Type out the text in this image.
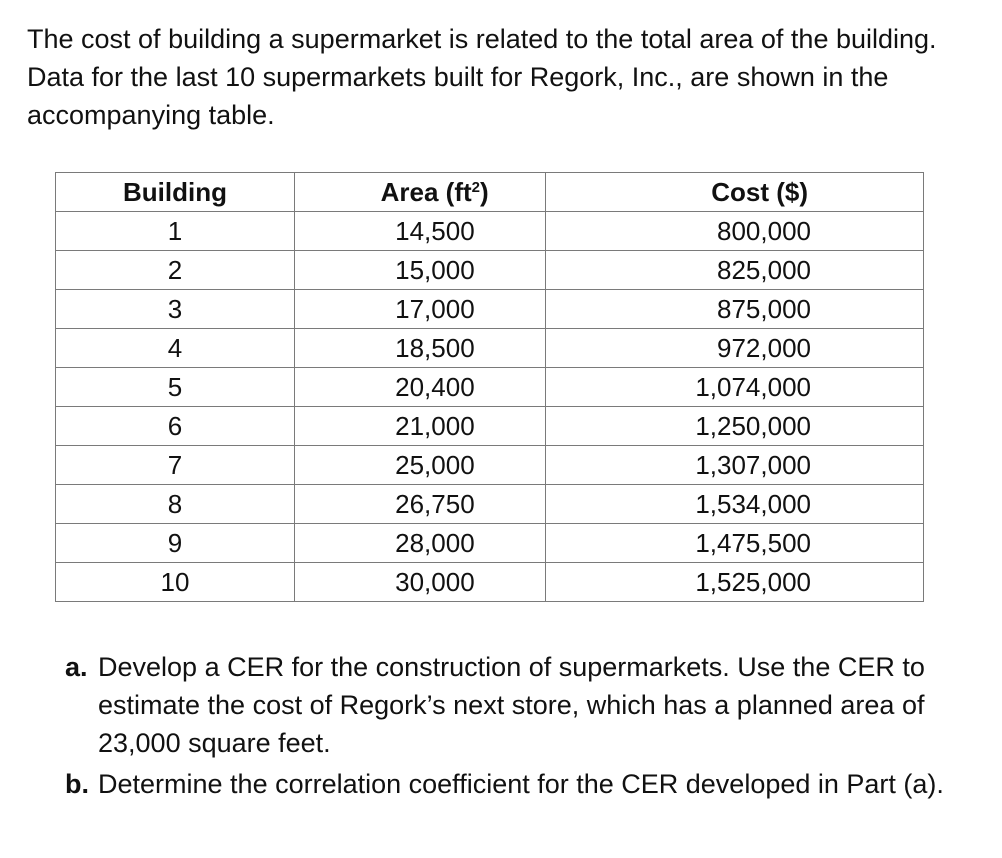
The cost of building a supermarket is related to the total area of the building. Data for the last 10 supermarkets built for Regork, Inc., are shown in the accompanying table.

Building	Area $(ft^2)$	Cost ($)
1	14,500	800,000
2	15,000	825,000
3	17,000	875,000
4	18,500	972,000
5	20,400	1,074,000
6	21,000	1,250,000
7	25,000	1,307,000
8	26,750	1,534,000
9	28,000	1,475,500
10	30,000	1,525,000
a. Develop a CER for the construction of supermarkets. Use the CER to estimate the cost of Regork’s next store, which has a planned area of 23,000 square feet.
b. Determine the correlation coefficient for the CER developed in Part (a).
